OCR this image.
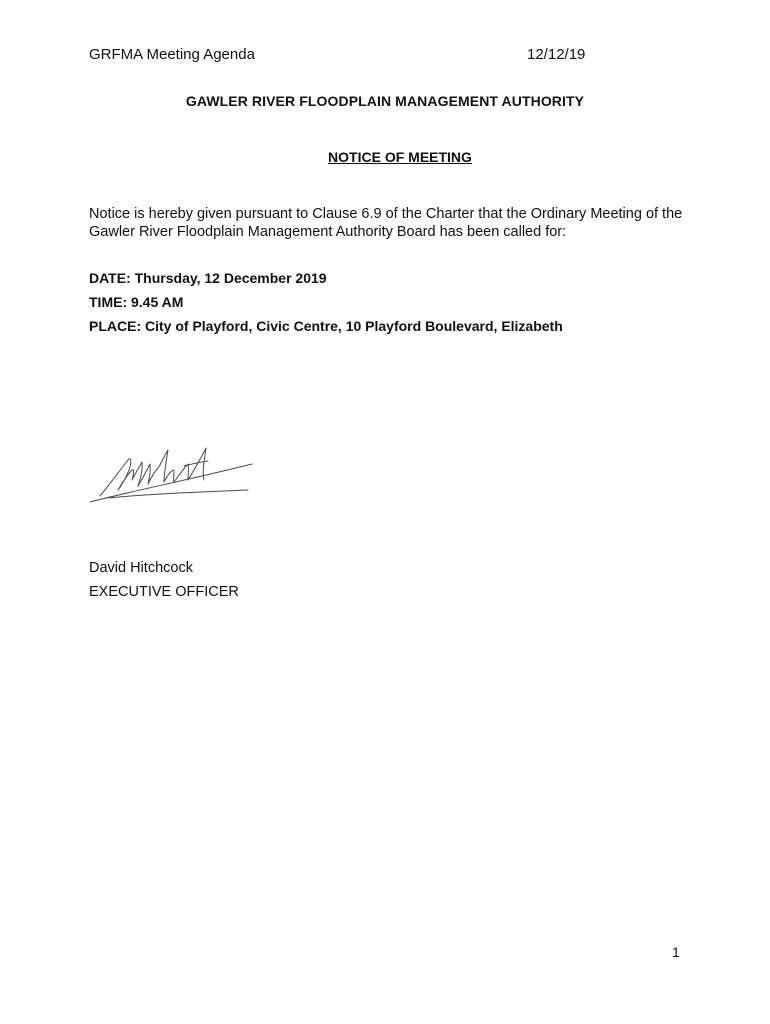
GRFMA Meeting Agenda	12/12/19
GAWLER RIVER FLOODPLAIN MANAGEMENT AUTHORITY
NOTICE OF MEETING
Notice is hereby given pursuant to Clause 6.9 of the Charter that the Ordinary Meeting of the Gawler River Floodplain Management Authority Board has been called for:
DATE: Thursday, 12 December 2019
TIME: 9.45 AM
PLACE: City of Playford, Civic Centre, 10 Playford Boulevard, Elizabeth
David Hitchcock
EXECUTIVE OFFICER
1
